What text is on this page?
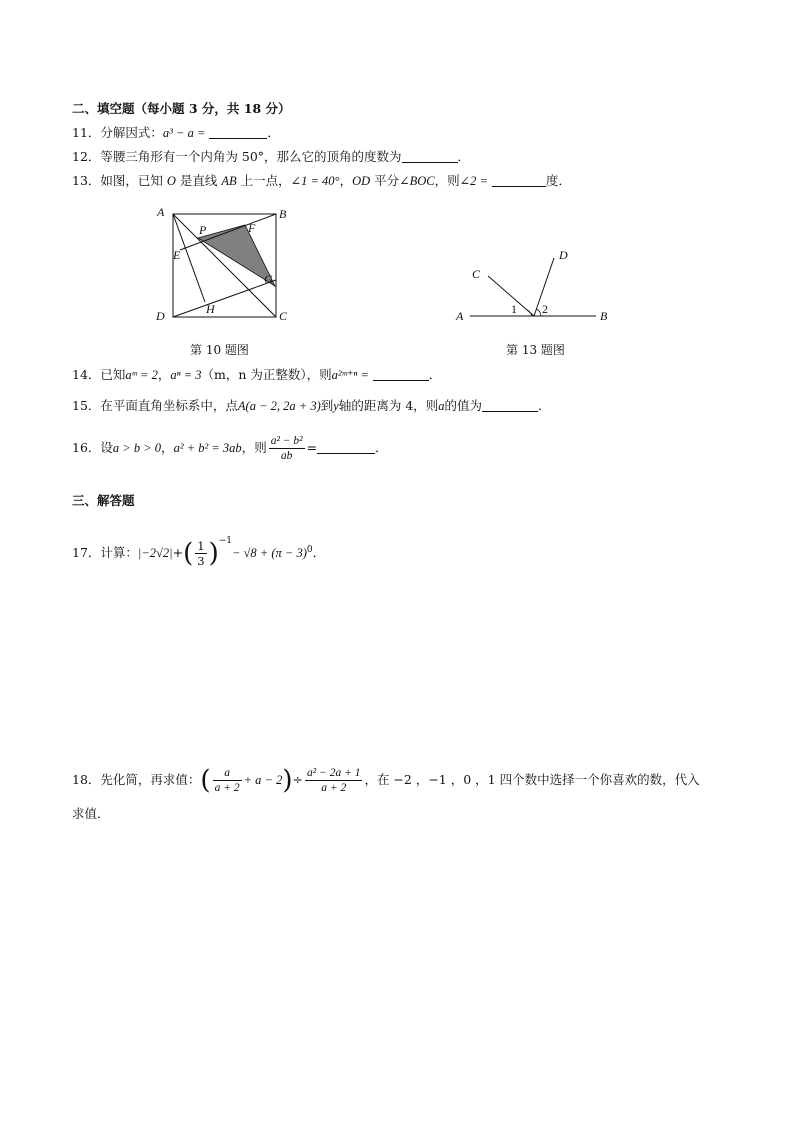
二、填空题（每小题 3 分，共 18 分）
11．分解因式：a³ − a =	．
12．等腰三角形有一个内角为 50°，那么它的顶角的度数为	．
13．如图，已知 O 是直线 AB 上一点，∠1 = 40°，OD 平分∠BOC，则∠2 =	度．
A	B
C
D
E
F
G
H
P
第 10 题图
A	B
C
D
1 2
第 13 题图
14．已知aᵐ = 2，aⁿ = 3（m，n 为正整数），则a²ᵐ⁺ⁿ =	．
15．在平面直角坐标系中，点A(a − 2, 2a + 3)到y轴的距离为 4，则a的值为	．
16．设a > b > 0，a² + b² = 3ab，则 $\frac{\text{a² − b²}}{ab}$ =	．
三、解答题
17．计算：$|-2√2|+( \frac{1}{3} )^{-1}- √8 + (\pi - 3)^0$．
18．先化简，再求值：( $\frac{a}{a + 2} + a - 2)\div \frac{\text{a² − 2a + 1}}{a + 2}$ ，在 −2 ，−1 ，0 ，1 四个数中选择一个你喜欢的数，代入
求值．
